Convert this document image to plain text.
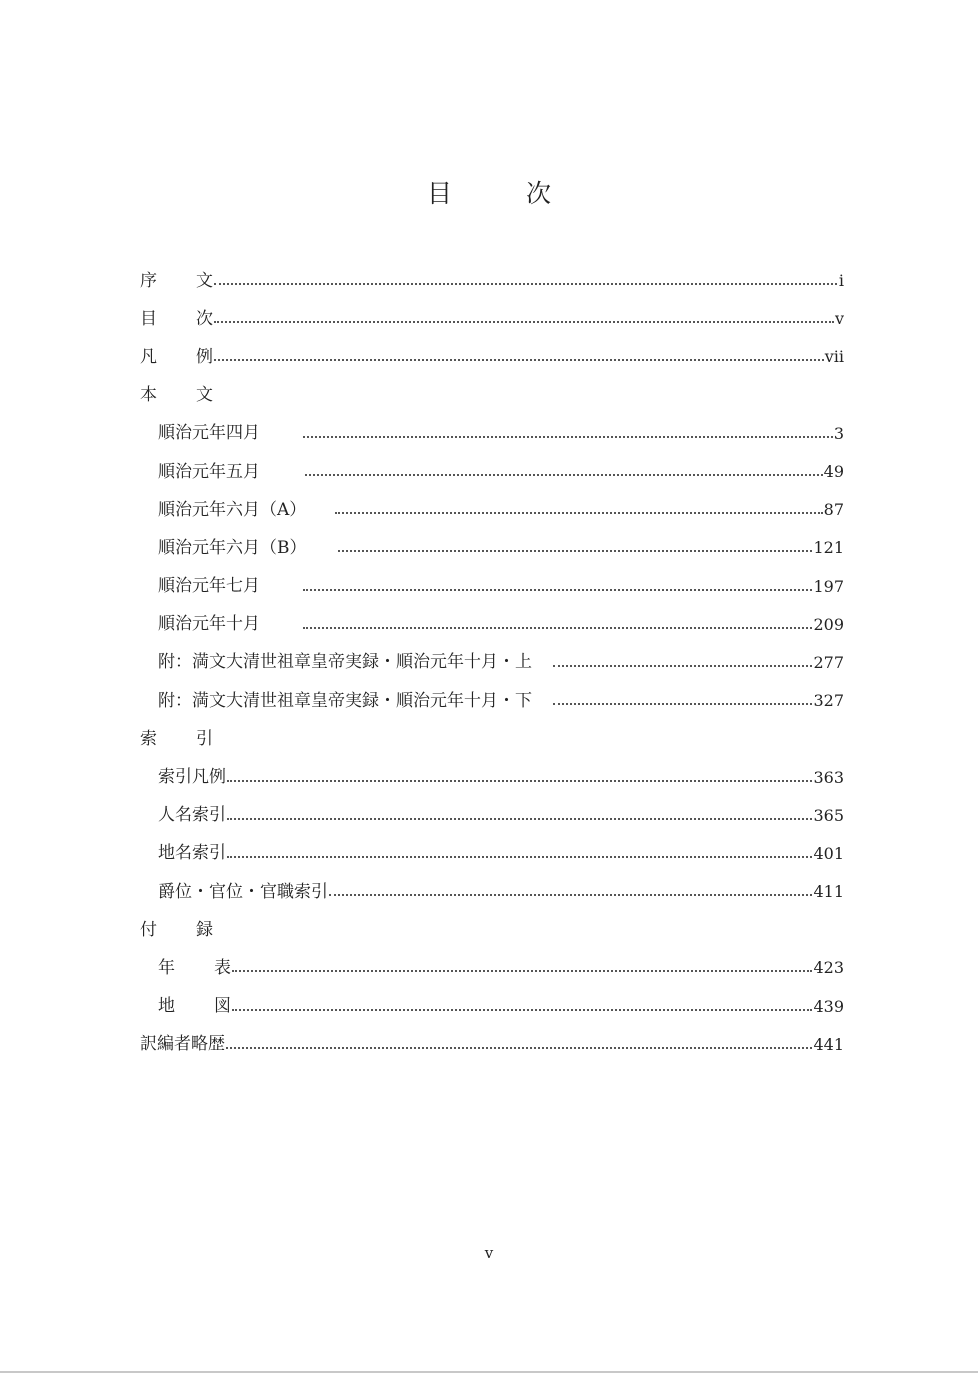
目	次
序 文	i
目 次	v
凡 例	ⅶ
本 文
順治元年四月	3
順治元年五月	49
順治元年六月（A）	87
順治元年六月（B）	121
順治元年七月	197
順治元年十月	209
附：満文大清世祖章皇帝実録・順治元年十月・上	277
附：満文大清世祖章皇帝実録・順治元年十月・下	327
索 引
索引凡例	363
人名索引	365
地名索引	401
爵位・官位・官職索引	411
付 録
年 表	423
地 図	439
訳編者略歴	441
v
